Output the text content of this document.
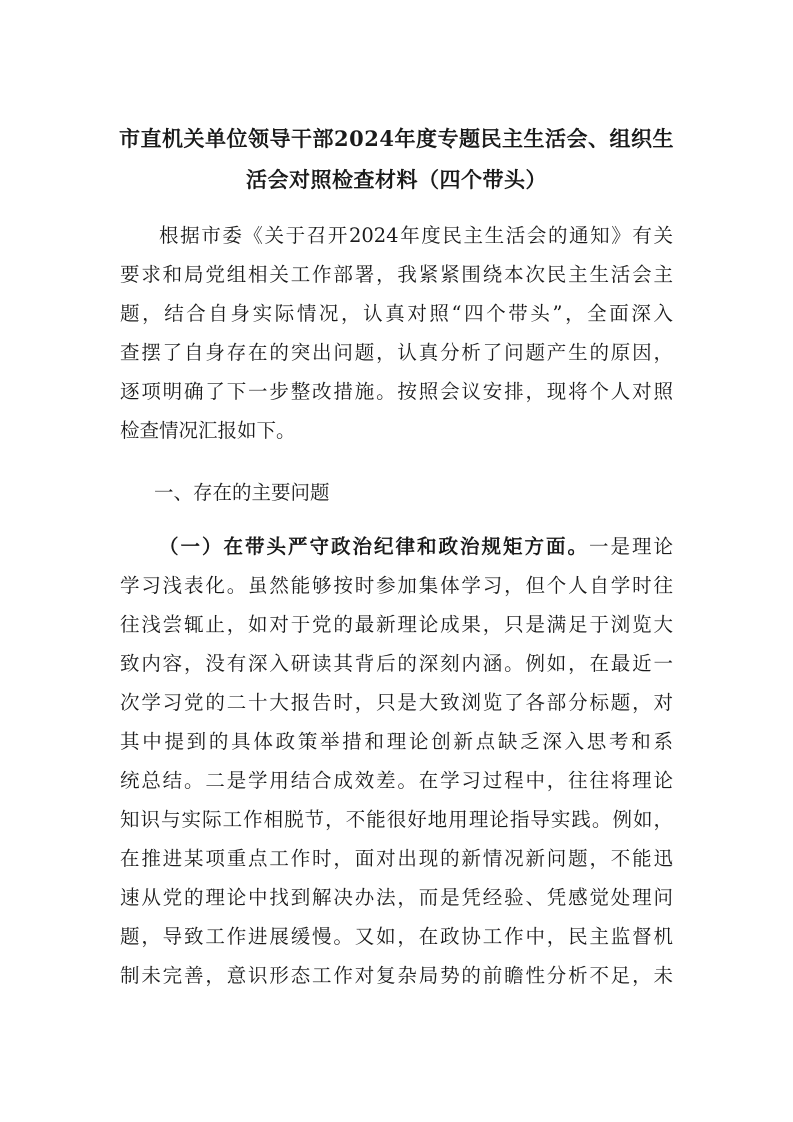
市直机关单位领导干部2024年度专题民主生活会、组织生
活会对照检查材料（四个带头）
根据市委《关于召开2024年度民主生活会的通知》有关
要求和局党组相关工作部署，我紧紧围绕本次民主生活会主
题，结合自身实际情况，认真对照“四个带头”，全面深入
查摆了自身存在的突出问题，认真分析了问题产生的原因，
逐项明确了下一步整改措施。按照会议安排，现将个人对照
检查情况汇报如下。
一、存在的主要问题
（一）在带头严守政治纪律和政治规矩方面。一是理论
学习浅表化。虽然能够按时参加集体学习，但个人自学时往
往浅尝辄止，如对于党的最新理论成果，只是满足于浏览大
致内容，没有深入研读其背后的深刻内涵。例如，在最近一
次学习党的二十大报告时，只是大致浏览了各部分标题，对
其中提到的具体政策举措和理论创新点缺乏深入思考和系
统总结。二是学用结合成效差。在学习过程中，往往将理论
知识与实际工作相脱节，不能很好地用理论指导实践。例如，
在推进某项重点工作时，面对出现的新情况新问题，不能迅
速从党的理论中找到解决办法，而是凭经验、凭感觉处理问
题，导致工作进展缓慢。又如，在政协工作中，民主监督机
制未完善，意识形态工作对复杂局势的前瞻性分析不足，未
